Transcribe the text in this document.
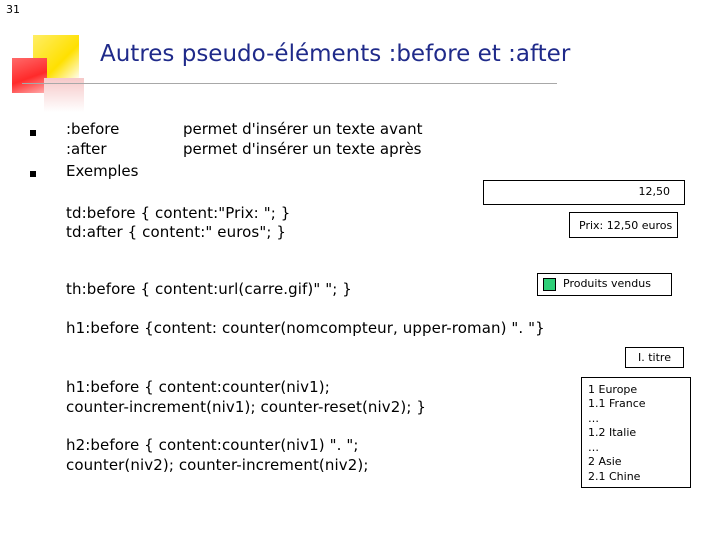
31
Autres pseudo-éléments :before et :after
:before	permet d'insérer un texte avant
:after	permet d'insérer un texte après
Exemples
td:before { content:"Prix: "; }
td:after { content:" euros"; }
th:before { content:url(carre.gif)" "; }
h1:before {content: counter(nomcompteur, upper-roman) ". "}
h1:before { content:counter(niv1);
counter-increment(niv1); counter-reset(niv2); }
h2:before { content:counter(niv1) ". ";
counter(niv2); counter-increment(niv2);
12,50
Prix: 12,50 euros
Produits vendus
I. titre
1 Europe
1.1 France
…
1.2 Italie
…
2 Asie
2.1 Chine
